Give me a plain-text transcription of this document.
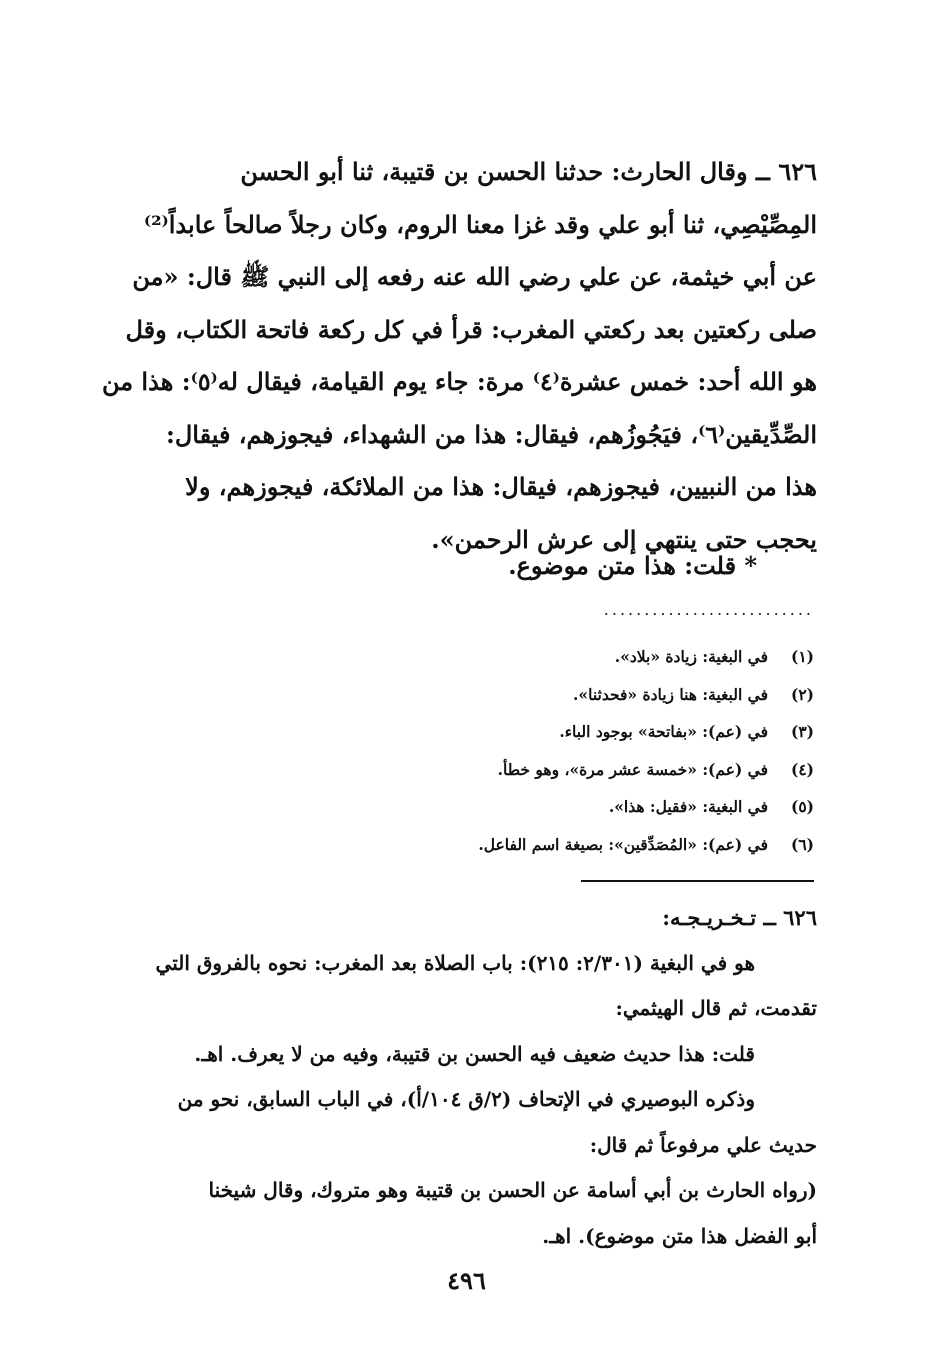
٦٢٦ ــ وقال الحارث: حدثنا الحسن بن قتيبة، ثنا أبو الحسن

المِصِّيْصِي، ثنا أبو علي وقد غزا معنا الروم، وكان رجلاً صالحاً عابداً⁽²⁾

عن أبي خيثمة، عن علي رضي الله عنه رفعه إلى النبي ﷺ قال: «من

صلى ركعتين بعد ركعتي المغرب: قرأ في كل ركعة فاتحة الكتاب، وقل

هو الله أحد: خمس عشرة⁽٤⁾ مرة: جاء يوم القيامة، فيقال له⁽٥⁾: هذا من

الصِّدِّيقين⁽٦⁾، فيَجُوزُهم، فيقال: هذا من الشهداء، فيجوزهم، فيقال:

هذا من النبيين، فيجوزهم، فيقال: هذا من الملائكة، فيجوزهم، ولا

يحجب حتى ينتهي إلى عرش الرحمن».

* قلت: هذا متن موضوع.
..........................
(١)في البغية: زيادة «بلاد».
(٢)في البغية: هنا زيادة «فحدثنا».
(٣)في (عم): «بفاتحة» بوجود الباء.
(٤)في (عم): «خمسة عشر مرة»، وهو خطأ.
(٥)في البغية: «فقيل: هذا».
(٦)في (عم): «المُصَدِّقين»: بصيغة اسم الفاعل.

٦٢٦ ــ تـخـريـجـه:

هو في البغية (٢/٣٠١: ٢١٥): باب الصلاة بعد المغرب: نحوه بالفروق التي

تقدمت، ثم قال الهيثمي:

قلت: هذا حديث ضعيف فيه الحسن بن قتيبة، وفيه من لا يعرف. اهـ.

وذكره البوصيري في الإتحاف (٢/ق ١٠٤/أ)، في الباب السابق، نحو من

حديث علي مرفوعاً ثم قال:

(رواه الحارث بن أبي أسامة عن الحسن بن قتيبة وهو متروك، وقال شيخنا

أبو الفضل هذا متن موضوع). اهـ.

٤٩٦
